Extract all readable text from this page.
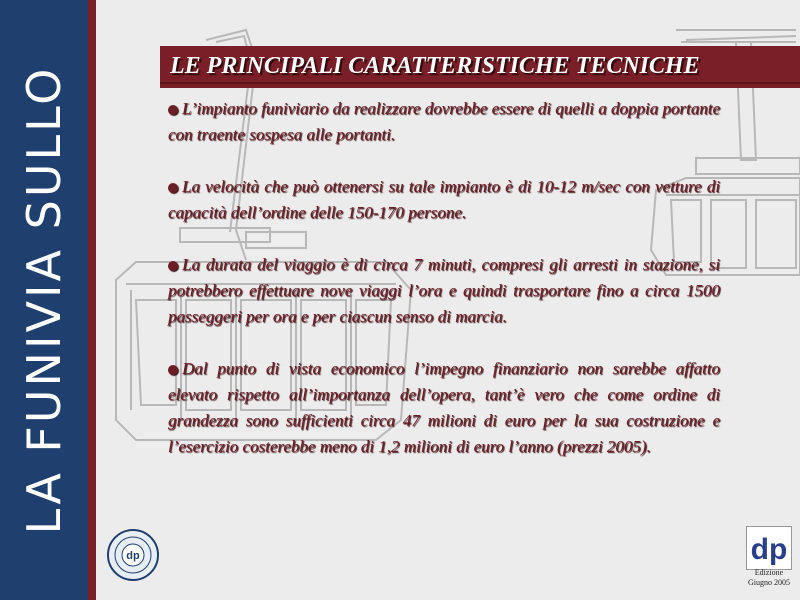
LA FUNIVIA SULLO	LE PRINCIPALI CARATTERISTICHE TECNICHE

L’impianto funiviario da realizzare dovrebbe essere di quelli a doppia portante con traente sospesa alle portanti.

La velocità che può ottenersi su tale impianto è di 10-12 m/sec con vetture di capacità dell’ordine delle 150-170 persone.

La durata del viaggio è di circa 7 minuti, compresi gli arresti in stazione, si potrebbero effettuare nove viaggi l’ora e quindi trasportare fino a circa 1500 passeggeri per ora e per ciascun senso di marcia.

Dal punto di vista economico l’impegno finanziario non sarebbe affatto elevato rispetto all’importanza dell’opera, tant’è vero che come ordine di grandezza sono sufficienti circa 47 milioni di euro per la sua costruzione e l’esercizio costerebbe meno di 1,2 milioni di euro l’anno (prezzi 2005).

dp	dp
Edizione
Giugno 2005
